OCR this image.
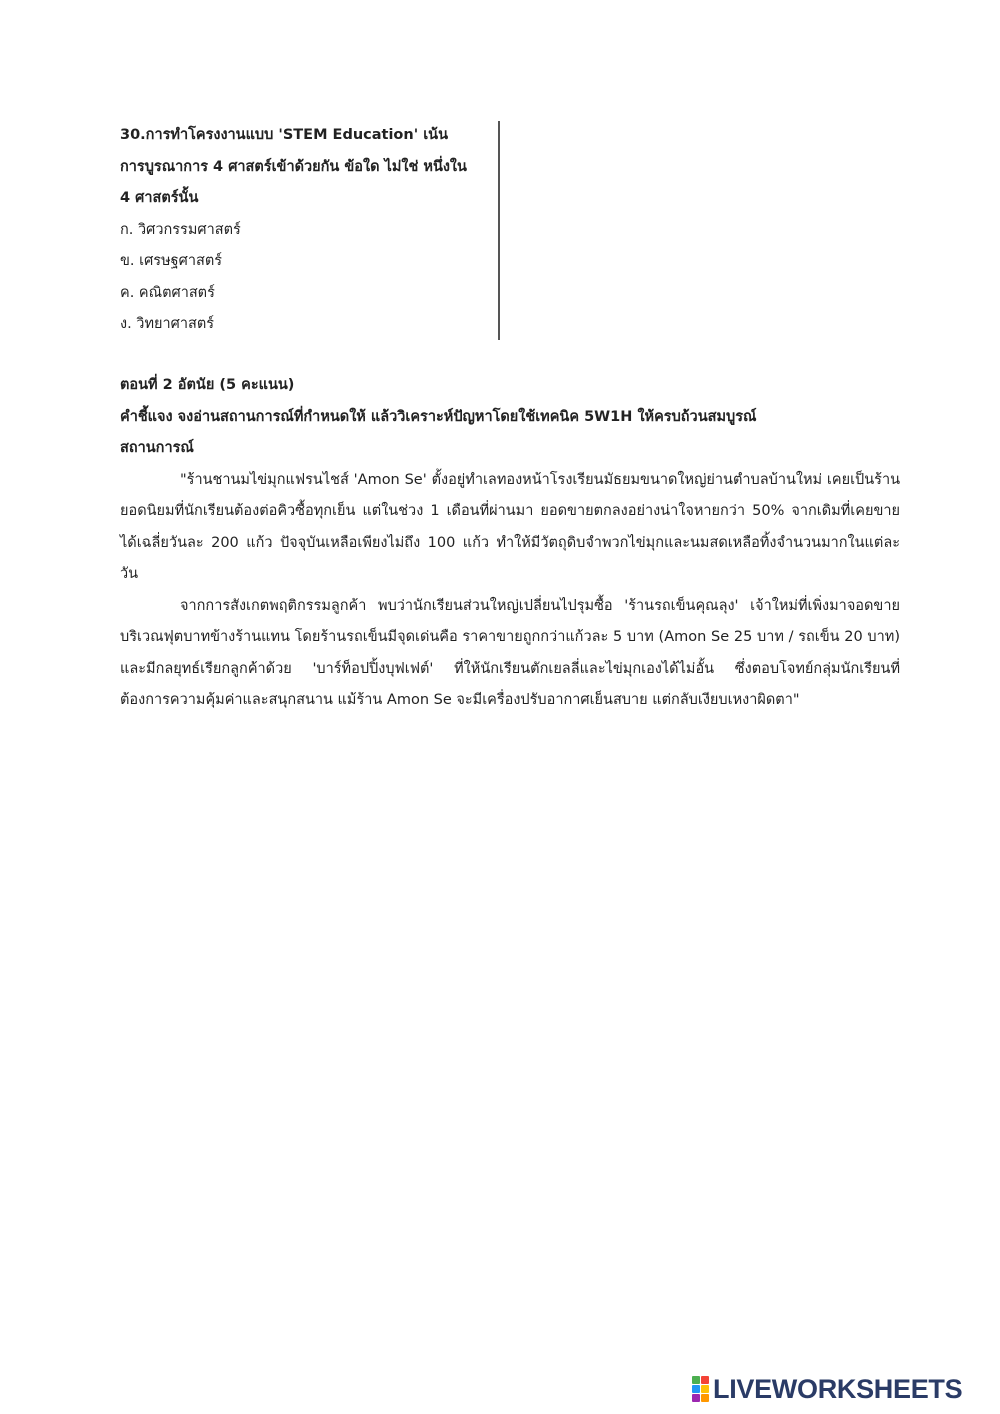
30.การทำโครงงานแบบ 'STEM Education' เน้น
การบูรณาการ 4 ศาสตร์เข้าด้วยกัน ข้อใด ไม่ใช่ หนึ่งใน
4 ศาสตร์นั้น
ก. วิศวกรรมศาสตร์
ข. เศรษฐศาสตร์
ค. คณิตศาสตร์
ง. วิทยาศาสตร์
ตอนที่ 2 อัตนัย (5 คะแนน)
คำชี้แจง จงอ่านสถานการณ์ที่กำหนดให้ แล้ววิเคราะห์ปัญหาโดยใช้เทคนิค 5W1H ให้ครบถ้วนสมบูรณ์
สถานการณ์

"ร้านชานมไข่มุกแฟรนไชส์ 'Amon Se' ตั้งอยู่ทำเลทองหน้าโรงเรียนมัธยมขนาดใหญ่ย่านตำบลบ้านใหม่ เคยเป็นร้านยอดนิยมที่นักเรียนต้องต่อคิวซื้อทุกเย็น แต่ในช่วง 1 เดือนที่ผ่านมา ยอดขายตกลงอย่างน่าใจหายกว่า 50% จากเดิมที่เคยขายได้เฉลี่ยวันละ 200 แก้ว ปัจจุบันเหลือเพียงไม่ถึง 100 แก้ว ทำให้มีวัตถุดิบจำพวกไข่มุกและนมสดเหลือทิ้งจำนวนมากในแต่ละวัน

จากการสังเกตพฤติกรรมลูกค้า พบว่านักเรียนส่วนใหญ่เปลี่ยนไปรุมซื้อ 'ร้านรถเข็นคุณลุง' เจ้าใหม่ที่เพิ่งมาจอดขายบริเวณฟุตบาทข้างร้านแทน โดยร้านรถเข็นมีจุดเด่นคือ ราคาขายถูกกว่าแก้วละ 5 บาท (Amon Se 25 บาท / รถเข็น 20 บาท) และมีกลยุทธ์เรียกลูกค้าด้วย 'บาร์ท็อปปิ้งบุฟเฟต์' ที่ให้นักเรียนตักเยลลี่และไข่มุกเองได้ไม่อั้น ซึ่งตอบโจทย์กลุ่มนักเรียนที่ต้องการความคุ้มค่าและสนุกสนาน แม้ร้าน Amon Se จะมีเครื่องปรับอากาศเย็นสบาย แต่กลับเงียบเหงาผิดตา"

LIVEWORKSHEETS
